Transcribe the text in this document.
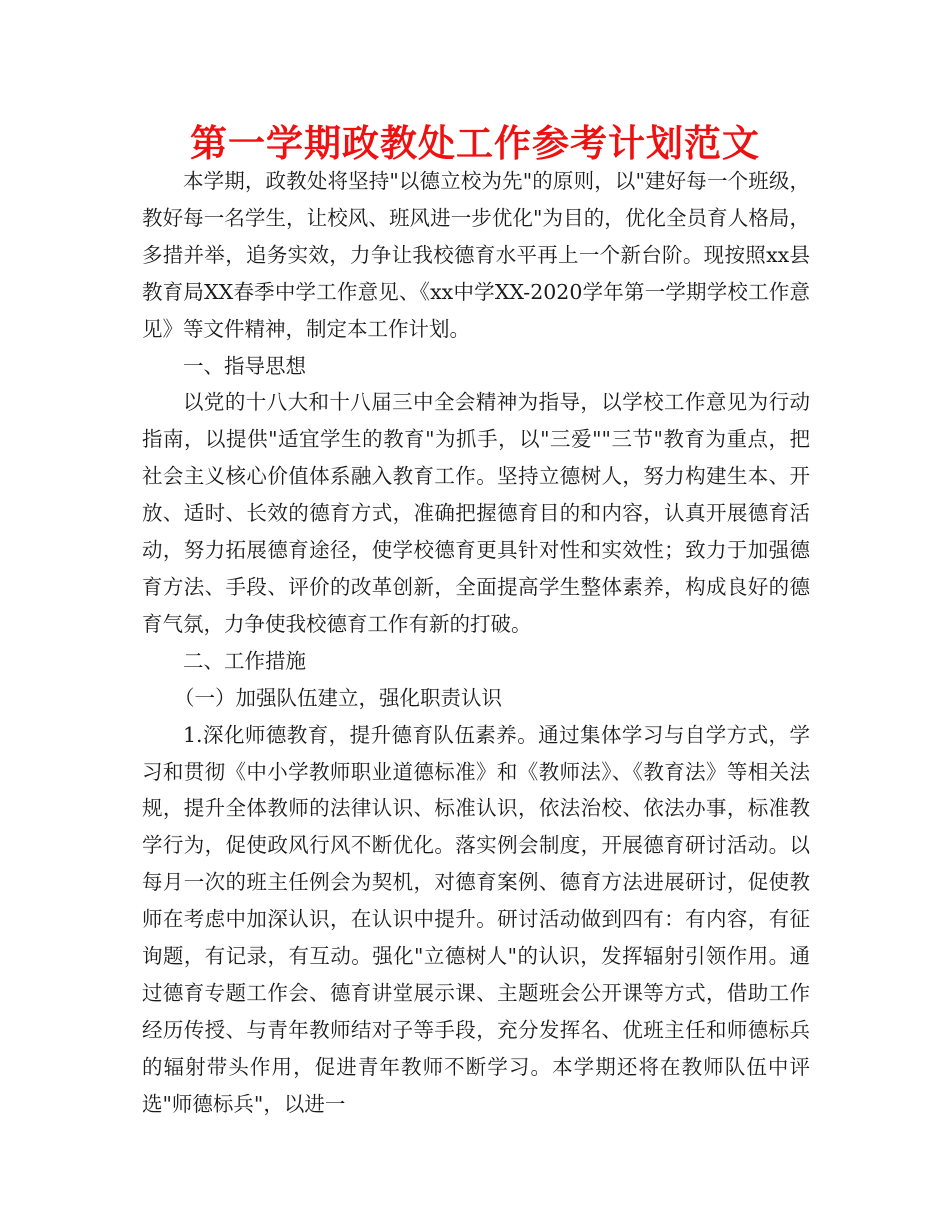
第一学期政教处工作参考计划范文

本学期，政教处将坚持"以德立校为先"的原则，以"建好每一个班级，教好每一名学生，让校风、班风进一步优化"为目的，优化全员育人格局，多措并举，追务实效，力争让我校德育水平再上一个新台阶。现按照xx县教育局XX春季中学工作意见、《xx中学XX-2020学年第一学期学校工作意见》等文件精神，制定本工作计划。

一、指导思想

以党的十八大和十八届三中全会精神为指导，以学校工作意见为行动指南，以提供"适宜学生的教育"为抓手，以"三爱""三节"教育为重点，把社会主义核心价值体系融入教育工作。坚持立德树人，努力构建生本、开放、适时、长效的德育方式，准确把握德育目的和内容，认真开展德育活动，努力拓展德育途径，使学校德育更具针对性和实效性；致力于加强德育方法、手段、评价的改革创新，全面提高学生整体素养，构成良好的德育气氛，力争使我校德育工作有新的打破。

二、工作措施

（一）加强队伍建立，强化职责认识

1.深化师德教育，提升德育队伍素养。通过集体学习与自学方式，学习和贯彻《中小学教师职业道德标准》和《教师法》、《教育法》等相关法规，提升全体教师的法律认识、标准认识，依法治校、依法办事，标准教学行为，促使政风行风不断优化。落实例会制度，开展德育研讨活动。以每月一次的班主任例会为契机，对德育案例、德育方法进展研讨，促使教师在考虑中加深认识，在认识中提升。研讨活动做到四有：有内容，有征询题，有记录，有互动。强化"立德树人"的认识，发挥辐射引领作用。通过德育专题工作会、德育讲堂展示课、主题班会公开课等方式，借助工作经历传授、与青年教师结对子等手段，充分发挥名、优班主任和师德标兵的辐射带头作用，促进青年教师不断学习。本学期还将在教师队伍中评选"师德标兵"，以进一
